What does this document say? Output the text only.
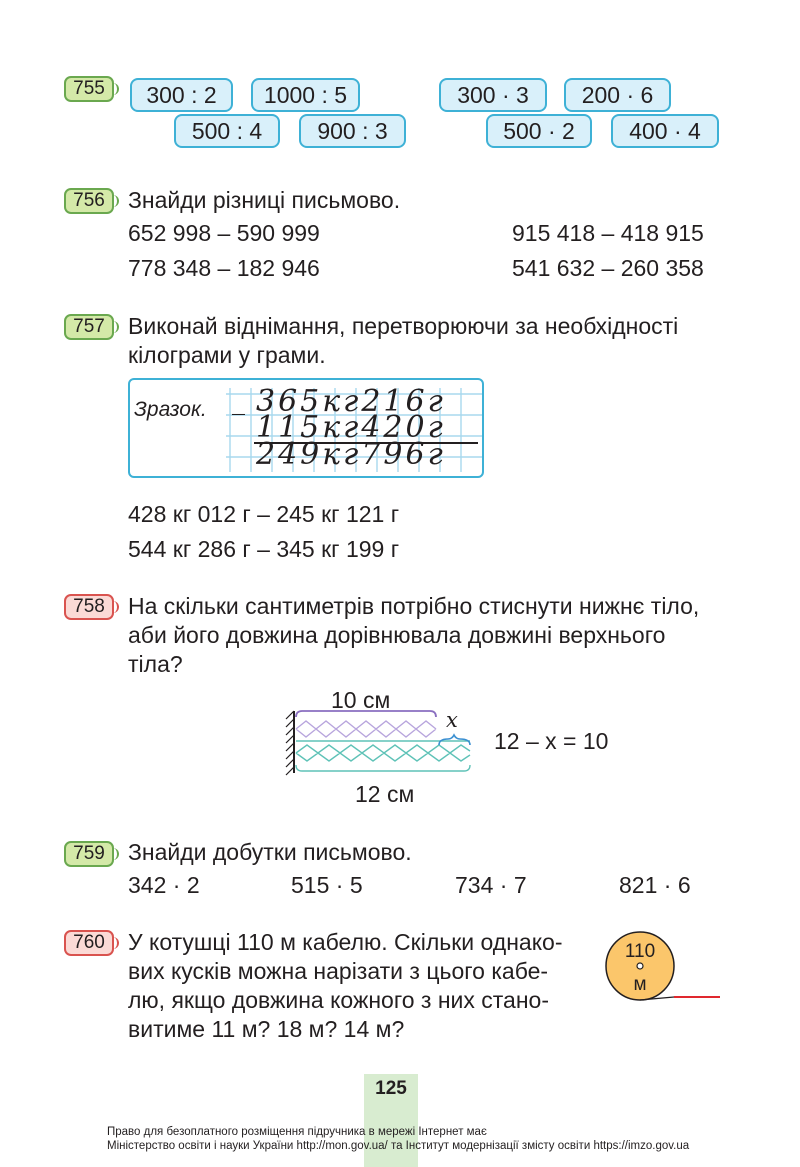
755	300 : 2	1000 : 5
500 : 4	900 : 3
300 · 3	200 · 6
500 · 2	400 · 4
756	Знайди різниці письмово.
652 998 – 590 999	915 418 – 418 915
778 348 – 182 946	541 632 – 260 358
757	Виконай віднімання, перетворюючи за необхідності
кілограми у грами.
Зразок. _ 365кг216г
115кг420г
249кг796г
428 кг 012 г – 245 кг 121 г
544 кг 286 г – 345 кг 199 г
758	На скільки сантиметрів потрібно стиснути нижнє тіло,
аби його довжина дорівнювала довжині верхнього
тіла?
10 см
x
12 – x = 10
12 см
759	Знайди добутки письмово.
342 · 2	515 · 5	734 · 7	821 · 6
760	У котушці 110 м кабелю. Скільки однако-
вих кусків можна нарізати з цього кабе-
лю, якщо довжина кожного з них стано-
витиме 11 м? 18 м? 14 м?
110
м
125
Право для безоплатного розміщення підручника в мережі Інтернет має
Міністерство освіти і науки України http://mon.gov.ua/ та Інститут модернізації змісту освіти https://imzo.gov.ua
